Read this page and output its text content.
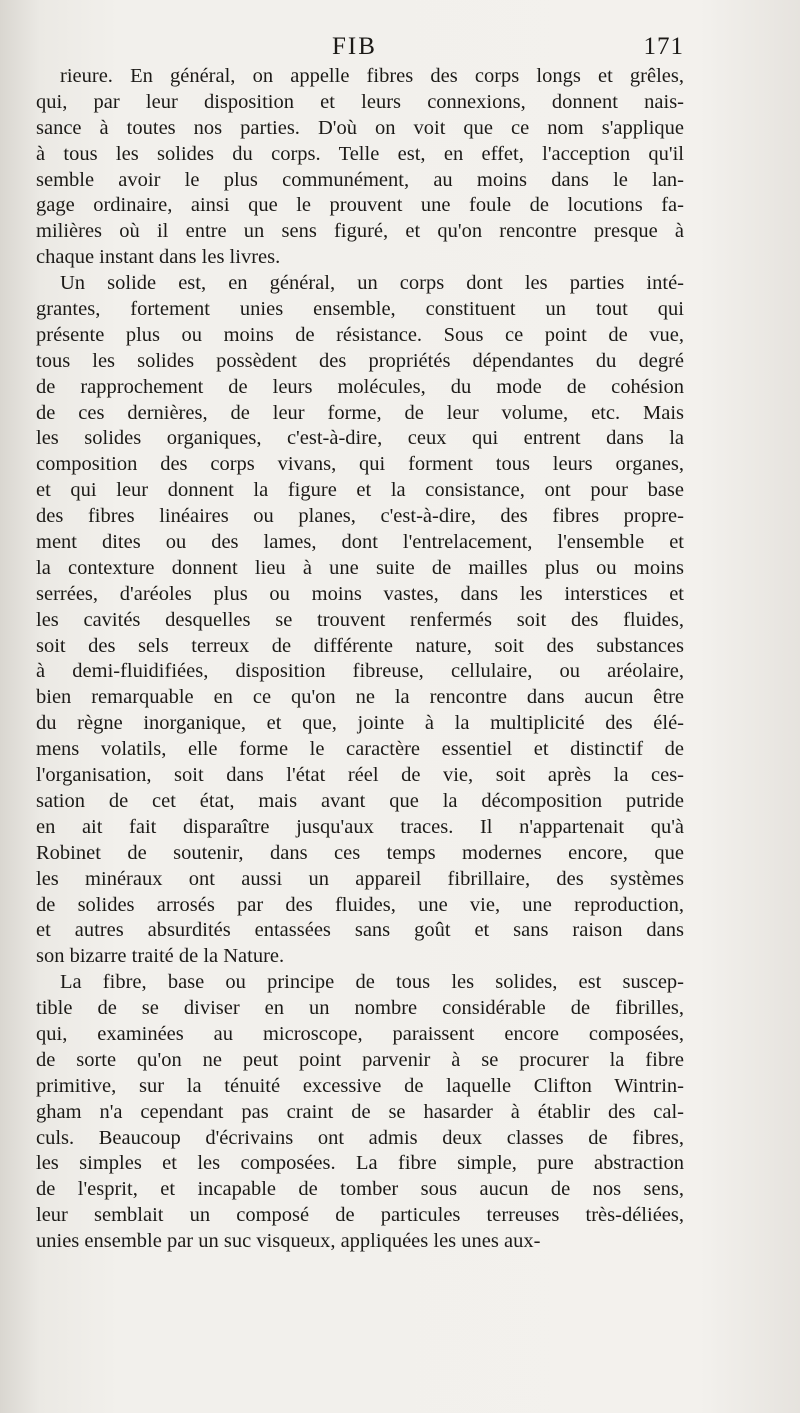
FIB	171
rieure. En général, on appelle fibres des corps longs et grêles,
qui, par leur disposition et leurs connexions, donnent nais-
sance à toutes nos parties. D'où on voit que ce nom s'applique
à tous les solides du corps. Telle est, en effet, l'acception qu'il
semble avoir le plus communément, au moins dans le lan-
gage ordinaire, ainsi que le prouvent une foule de locutions fa-
milières où il entre un sens figuré, et qu'on rencontre presque à
chaque instant dans les livres.
Un solide est, en général, un corps dont les parties inté-
grantes, fortement unies ensemble, constituent un tout qui
présente plus ou moins de résistance. Sous ce point de vue,
tous les solides possèdent des propriétés dépendantes du degré
de rapprochement de leurs molécules, du mode de cohésion
de ces dernières, de leur forme, de leur volume, etc. Mais
les solides organiques, c'est-à-dire, ceux qui entrent dans la
composition des corps vivans, qui forment tous leurs organes,
et qui leur donnent la figure et la consistance, ont pour base
des fibres linéaires ou planes, c'est-à-dire, des fibres propre-
ment dites ou des lames, dont l'entrelacement, l'ensemble et
la contexture donnent lieu à une suite de mailles plus ou moins
serrées, d'aréoles plus ou moins vastes, dans les interstices et
les cavités desquelles se trouvent renfermés soit des fluides,
soit des sels terreux de différente nature, soit des substances
à demi-fluidifiées, disposition fibreuse, cellulaire, ou aréolaire,
bien remarquable en ce qu'on ne la rencontre dans aucun être
du règne inorganique, et que, jointe à la multiplicité des élé-
mens volatils, elle forme le caractère essentiel et distinctif de
l'organisation, soit dans l'état réel de vie, soit après la ces-
sation de cet état, mais avant que la décomposition putride
en ait fait disparaître jusqu'aux traces. Il n'appartenait qu'à
Robinet de soutenir, dans ces temps modernes encore, que
les minéraux ont aussi un appareil fibrillaire, des systèmes
de solides arrosés par des fluides, une vie, une reproduction,
et autres absurdités entassées sans goût et sans raison dans
son bizarre traité de la Nature.
La fibre, base ou principe de tous les solides, est suscep-
tible de se diviser en un nombre considérable de fibrilles,
qui, examinées au microscope, paraissent encore composées,
de sorte qu'on ne peut point parvenir à se procurer la fibre
primitive, sur la ténuité excessive de laquelle Clifton Wintrin-
gham n'a cependant pas craint de se hasarder à établir des cal-
culs. Beaucoup d'écrivains ont admis deux classes de fibres,
les simples et les composées. La fibre simple, pure abstraction
de l'esprit, et incapable de tomber sous aucun de nos sens,
leur semblait un composé de particules terreuses très-déliées,
unies ensemble par un suc visqueux, appliquées les unes aux-
